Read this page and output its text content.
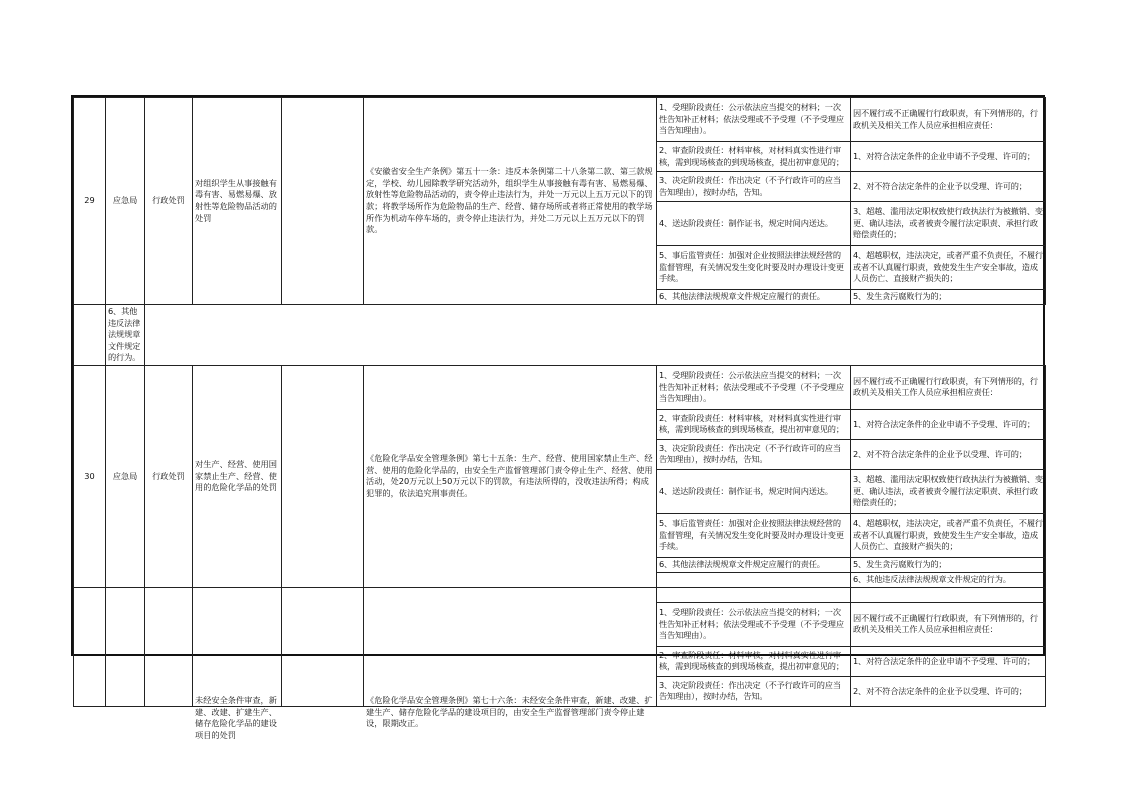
29	应急局	行政处罚	对组织学生从事接触有毒有害、易燃易爆、放射性等危险物品活动的处罚		《安徽省安全生产条例》第五十一条：违反本条例第二十八条第二款、第三款规定，学校、幼儿园除教学研究活动外，组织学生从事接触有毒有害、易燃易爆、放射性等危险物品活动的，责令停止违法行为，并处一万元以上五万元以下的罚款；将教学场所作为危险物品的生产、经营、储存场所或者将正常使用的教学场所作为机动车停车场的，责令停止违法行为，并处二万元以上五万元以下的罚款。	1、受理阶段责任：公示依法应当提交的材料；一次性告知补正材料；依法受理或不予受理（不予受理应当告知理由）。	因不履行或不正确履行行政职责，有下列情形的，行政机关及相关工作人员应承担相应责任：
						2、审查阶段责任：材料审核，对材料真实性进行审核，需到现场核查的到现场核查，提出初审意见的；	1、对符合法定条件的企业申请不予受理、许可的；
						3、决定阶段责任：作出决定（不予行政许可的应当告知理由），按时办结，告知。	2、对不符合法定条件的企业予以受理、许可的；
						4、送达阶段责任：制作证书，规定时间内送达。	3、超越、滥用法定职权致使行政执法行为被撤销、变更、确认违法，或者被责令履行法定职责、承担行政赔偿责任的；
						5、事后监管责任：加强对企业按照法律法规经营的监督管理，有关情况发生变化时要及时办理设计变更手续。	4、超越职权，违法决定，或者严重不负责任，不履行或者不认真履行职责，致使发生生产安全事故，造成人员伤亡、直接财产损失的；

						6、其他法律法规规章文件规定应履行的责任。	5、发生贪污腐败行为的；
	6、其他违反法律法规规章文件规定的行为。						
30	应急局	行政处罚	对生产、经营、使用国家禁止生产、经营、使用的危险化学品的处罚		《危险化学品安全管理条例》第七十五条：生产、经营、使用国家禁止生产、经营、使用的危险化学品的，由安全生产监督管理部门责令停止生产、经营、使用活动，处20万元以上50万元以下的罚款，有违法所得的，没收违法所得；构成犯罪的，依法追究刑事责任。	1、受理阶段责任：公示依法应当提交的材料；一次性告知补正材料；依法受理或不予受理（不予受理应当告知理由）。	因不履行或不正确履行行政职责，有下列情形的，行政机关及相关工作人员应承担相应责任：
						2、审查阶段责任：材料审核，对材料真实性进行审核，需到现场核查的到现场核查，提出初审意见的；	1、对符合法定条件的企业申请不予受理、许可的；
						3、决定阶段责任：作出决定（不予行政许可的应当告知理由），按时办结，告知。	2、对不符合法定条件的企业予以受理、许可的；
						4、送达阶段责任：制作证书，规定时间内送达。	3、超越、滥用法定职权致使行政执法行为被撤销、变更、确认违法，或者被责令履行法定职责、承担行政赔偿责任的；
						5、事后监管责任：加强对企业按照法律法规经营的监督管理，有关情况发生变化时要及时办理设计变更手续。	4、超越职权，违法决定，或者严重不负责任，不履行或者不认真履行职责，致使发生生产安全事故，造成人员伤亡、直接财产损失的；
						6、其他法律法规规章文件规定应履行的责任。	5、发生贪污腐败行为的；
							6、其他违反法律法规规章文件规定的行为。

			未经安全条件审查，新建、改建、扩建生产、储存危险化学品的建设项目的处罚		《危险化学品安全管理条例》第七十六条：未经安全条件审查，新建、改建、扩建生产、储存危险化学品的建设项目的，由安全生产监督管理部门责令停止建设，限期改正。		

						1、受理阶段责任：公示依法应当提交的材料；一次性告知补正材料；依法受理或不予受理（不予受理应当告知理由）。	因不履行或不正确履行行政职责，有下列情形的，行政机关及相关工作人员应承担相应责任：
						2、审查阶段责任：材料审核，对材料真实性进行审核，需到现场核查的到现场核查，提出初审意见的；	1、对符合法定条件的企业申请不予受理、许可的；
						3、决定阶段责任：作出决定（不予行政许可的应当告知理由），按时办结，告知。	2、对不符合法定条件的企业予以受理、许可的；
